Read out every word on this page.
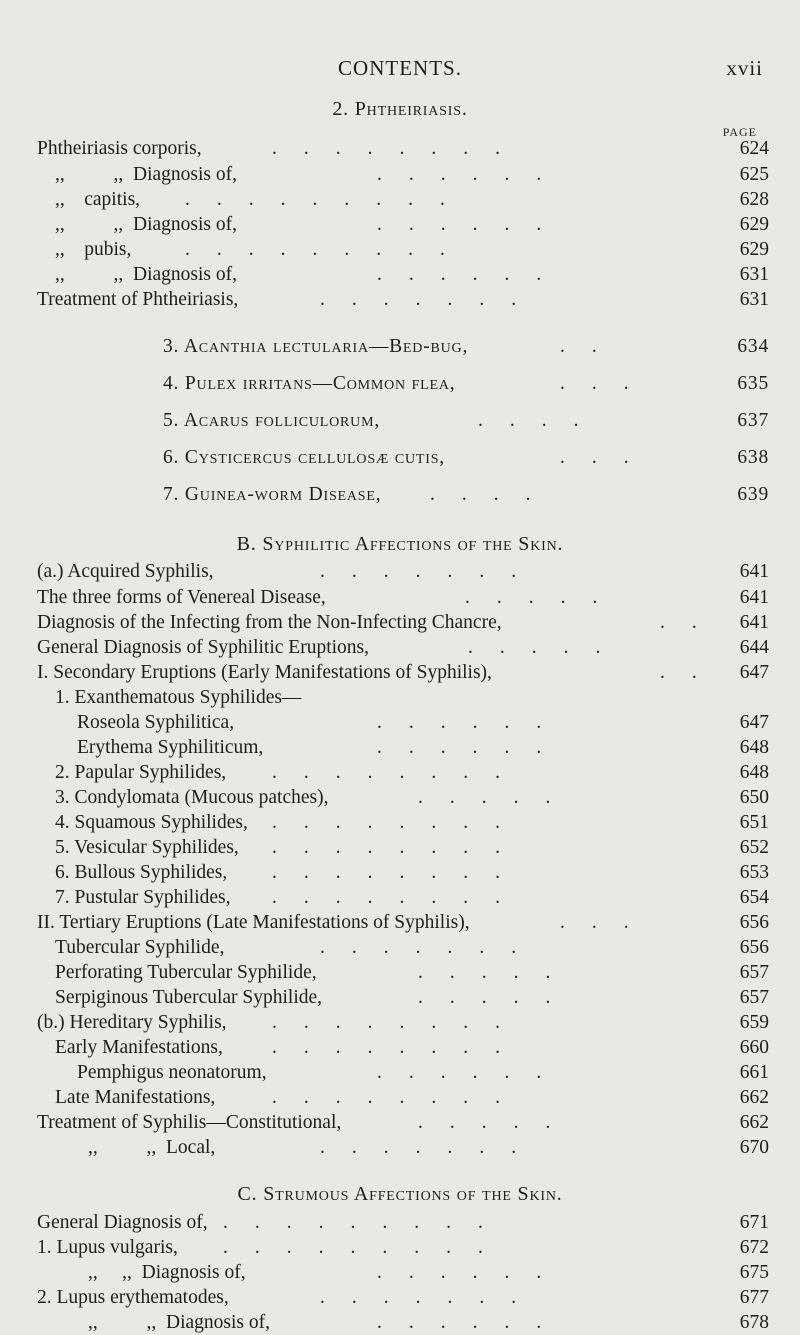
CONTENTS.	xvii
2. Phtheiriasis.
PAGE
Phtheiriasis corporis,	........	624
,,          ,,  Diagnosis of,	......	625
,,    capitis, .........	628
,,          ,,  Diagnosis of,	......	629
,,    pubis,	.........	629
,,          ,,  Diagnosis of,	......	631
Treatment of Phtheiriasis,	.......	631
3. Acanthia lectularia—Bed-bug,	..	634
4. Pulex irritans—Common flea,	...	635
5. Acarus folliculorum,	....	637
6. Cysticercus cellulosæ cutis,	...	638
7. Guinea-worm Disease, ....	639
B. Syphilitic Affections of the Skin.
(a.) Acquired Syphilis,	.......	641
The three forms of Venereal Disease,	.....	641
Diagnosis of the Infecting from the Non-Infecting Chancre,	.. 641
General Diagnosis of Syphilitic Eruptions,	.....	644
I. Secondary Eruptions (Early Manifestations of Syphilis),	.. 647
1. Exanthematous Syphilides—
Roseola Syphilitica,	......	647
Erythema Syphiliticum,	......	648
2. Papular Syphilides, ........	648
3. Condylomata (Mucous patches),	.....	650
4. Squamous Syphilides, ........	651
5. Vesicular Syphilides, ........	652
6. Bullous Syphilides, ........	653
7. Pustular Syphilides, ........	654
II. Tertiary Eruptions (Late Manifestations of Syphilis),	...	656
Tubercular Syphilide,	.......	656
Perforating Tubercular Syphilide,	.....	657
Serpiginous Tubercular Syphilide,	.....	657
(b.) Hereditary Syphilis, ........	659
Early Manifestations,	........	660
Pemphigus neonatorum,	......	661
Late Manifestations,	........	662
Treatment of Syphilis—Constitutional,	.....	662
,,          ,,  Local,	.......	670
C. Strumous Affections of the Skin.
General Diagnosis of, .........	671
1. Lupus vulgaris, .........	672
,,     ,,  Diagnosis of,	......	675
2. Lupus erythematodes,	.......	677
,,          ,,  Diagnosis of,	......	678
